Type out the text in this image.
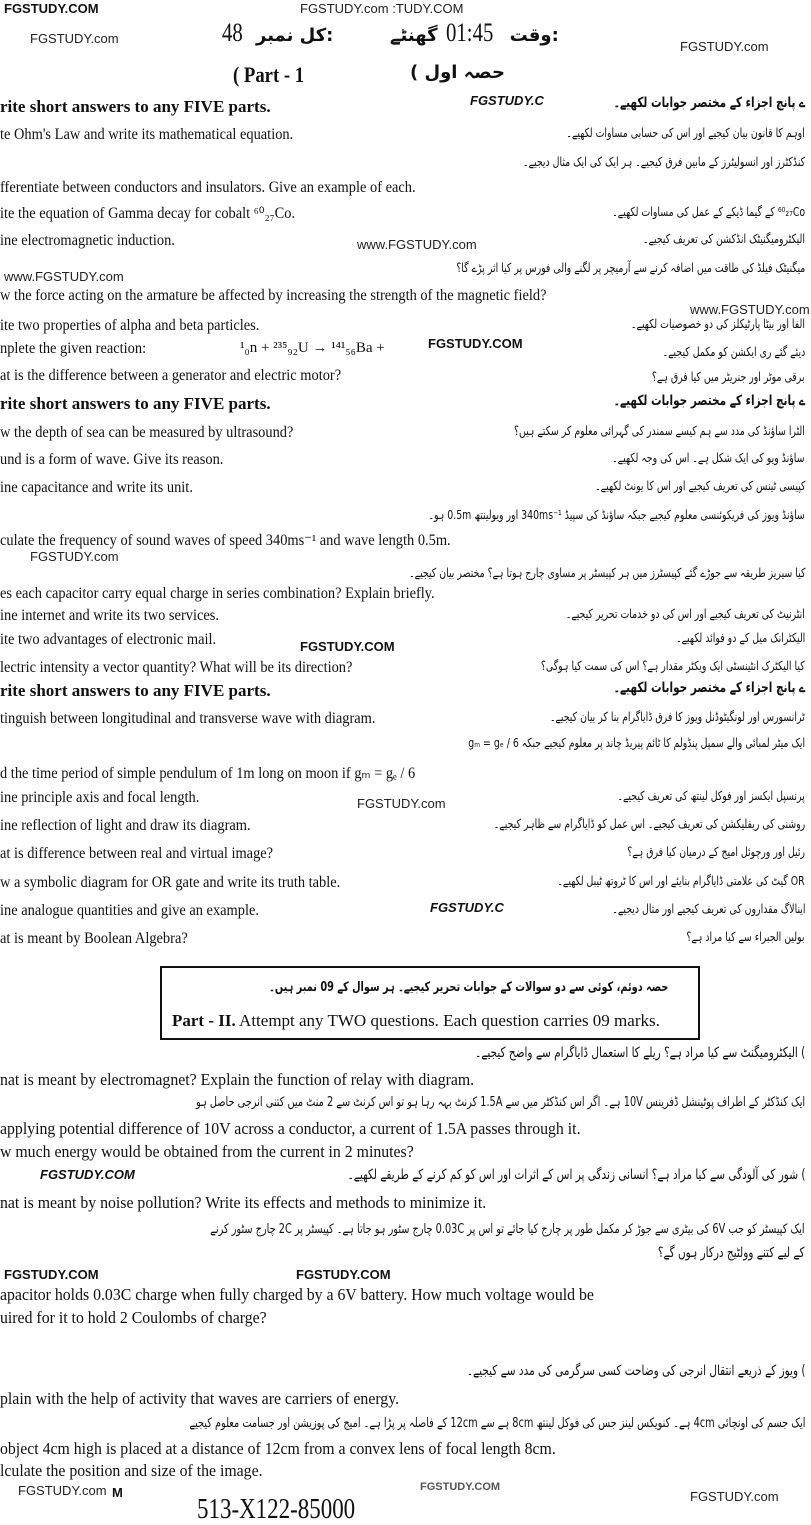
FGSTUDY.COM	FGSTUDY.com :TUDY.COM
FGSTUDY.com
FGSTUDY.com
48 کل نمبر:	گھنٹے 01:45 وقت:
( Part - 1	حصہ اول )
rite short answers to any FIVE parts.	ے پانچ اجزاء کے مختصر جوابات لکھیے۔
FGSTUDY.C
te Ohm's Law and write its mathematical equation.	اوہم کا قانون بیان کیجیے اور اس کی حسابی مساوات لکھیے۔
کنڈکٹرز اور انسولیٹرز کے مابین فرق کیجیے۔ ہر ایک کی ایک مثال دیجیے۔
fferentiate between conductors and insulators. Give an example of each.
ite the equation of Gamma decay for cobalt ⁶⁰₂₇Co.	⁶⁰₂₇Co کے گیما ڈیکے کے عمل کی مساوات لکھیے۔
ine electromagnetic induction.	www.FGSTUDY.com	الیکٹرومیگنیٹک انڈکشن کی تعریف کیجیے۔
میگنیٹک فیلڈ کی طاقت میں اضافہ کرنے سے آرمیچر پر لگنے والی فورس پر کیا اثر پڑے گا؟
www.FGSTUDY.com
w the force acting on the armature be affected by increasing the strength of the magnetic field?
www.FGSTUDY.com
ite two properties of alpha and beta particles.	الفا اور بیٹا پارٹیکلز کی دو خصوصیات لکھیے۔
nplete the given reaction:	¹₀n + ²³⁵₉₂U → ¹⁴¹₅₆Ba +	FGSTUDY.COM
دیئے گئے ری ایکشن کو مکمل کیجیے۔
at is the difference between a generator and electric motor?	برقی موٹر اور جنریٹر میں کیا فرق ہے؟
rite short answers to any FIVE parts.	ے پانچ اجزاء کے مختصر جوابات لکھیے۔
w the depth of sea can be measured by ultrasound?	الٹرا ساؤنڈ کی مدد سے ہم کیسے سمندر کی گہرائی معلوم کر سکتے ہیں؟
und is a form of wave. Give its reason.	ساؤنڈ ویو کی ایک شکل ہے۔ اس کی وجہ لکھیے۔
ine capacitance and write its unit.	کپیسی ٹینس کی تعریف کیجیے اور اس کا یونٹ لکھیے۔
ساؤنڈ ویوز کی فریکوئنسی معلوم کیجیے جبکہ ساؤنڈ کی سپیڈ 340ms⁻¹ اور ویولینتھ 0.5m ہو۔
culate the frequency of sound waves of speed 340ms⁻¹ and wave length 0.5m.
FGSTUDY.com
کیا سیریز طریقہ سے جوڑے گئے کپیسٹرز میں ہر کپیسٹر پر مساوی چارج ہوتا ہے؟ مختصر بیان کیجیے۔
es each capacitor carry equal charge in series combination? Explain briefly.
ine internet and write its two services.	انٹرنیٹ کی تعریف کیجیے اور اس کی دو خدمات تحریر کیجیے۔
ite two advantages of electronic mail.	الیکٹرانک میل کے دو فوائد لکھیے۔
FGSTUDY.COM
lectric intensity a vector quantity? What will be its direction?	کیا الیکٹرک انٹینسٹی ایک ویکٹر مقدار ہے؟ اس کی سمت کیا ہوگی؟
rite short answers to any FIVE parts.	ے پانچ اجزاء کے مختصر جوابات لکھیے۔
tinguish between longitudinal and transverse wave with diagram.	ٹرانسورس اور لونگیٹوڈنل ویوز کا فرق ڈایاگرام بنا کر بیان کیجیے۔
ایک میٹر لمبائی والے سمپل پنڈولم کا ٹائم پیریڈ چاند پر معلوم کیجیے جبکہ gₘ = gₑ / 6
d the time period of simple pendulum of 1m long on moon if gₘ = gₑ / 6
ine principle axis and focal length.	FGSTUDY.com
پرنسپل ایکسز اور فوکل لینتھ کی تعریف کیجیے۔
ine reflection of light and draw its diagram.	روشنی کی ریفلیکشن کی تعریف کیجیے۔ اس عمل کو ڈایاگرام سے ظاہر کیجیے۔
at is difference between real and virtual image?	رئیل اور ورچوئل امیج کے درمیان کیا فرق ہے؟
w a symbolic diagram for OR gate and write its truth table.	OR گیٹ کی علامتی ڈایاگرام بنایئے اور اس کا ٹروتھ ٹیبل لکھیے۔
ine analogue quantities and give an example.	FGSTUDY.C	اینالاگ مقداروں کی تعریف کیجیے اور مثال دیجیے۔
at is meant by Boolean Algebra?	بولین الجبراء سے کیا مراد ہے؟
حصہ دوئم، کوئی سے دو سوالات کے جوابات تحریر کیجیے۔ ہر سوال کے 09 نمبر ہیں۔
Part - II. Attempt any TWO questions. Each question carries 09 marks.
) الیکٹرومیگنٹ سے کیا مراد ہے؟ ریلے کا استعمال ڈایاگرام سے واضح کیجیے۔
nat is meant by electromagnet? Explain the function of relay with diagram.
ایک کنڈکٹر کے اطراف پوٹینشل ڈفرینس 10V ہے۔ اگر اس کنڈکٹر میں سے 1.5A کرنٹ بہہ رہا ہو تو اس کرنٹ سے 2 منٹ میں کتنی انرجی حاصل ہو
applying potential difference of 10V across a conductor, a current of 1.5A passes through it.
w much energy would be obtained from the current in 2 minutes?
FGSTUDY.COM	) شور کی آلودگی سے کیا مراد ہے؟ انسانی زندگی پر اس کے اثرات اور اس کو کم کرنے کے طریقے لکھیے۔
nat is meant by noise pollution? Write its effects and methods to minimize it.
ایک کپیسٹر کو جب 6V کی بیٹری سے جوڑ کر مکمل طور پر چارج کیا جائے تو اس پر 0.03C چارج سٹور ہو جاتا ہے۔ کپیسٹر پر 2C چارج سٹور کرنے
کے لیے کتنے وولٹیج درکار ہوں گے؟
FGSTUDY.COM	FGSTUDY.COM
apacitor holds 0.03C charge when fully charged by a 6V battery. How much voltage would be
uired for it to hold 2 Coulombs of charge?
) ویوز کے ذریعے انتقال انرجی کی وضاحت کسی سرگرمی کی مدد سے کیجیے۔
plain with the help of activity that waves are carriers of energy.
ایک جسم کی اونچائی 4cm ہے۔ کنویکس لینز جس کی فوکل لینتھ 8cm ہے سے 12cm کے فاصلہ پر پڑا ہے۔ امیج کی پوزیشن اور جسامت معلوم کیجیے
object 4cm high is placed at a distance of 12cm from a convex lens of focal length 8cm.
lculate the position and size of the image.
FGSTUDY.com M	FGSTUDY.COM
FGSTUDY.com
513-X122-85000
